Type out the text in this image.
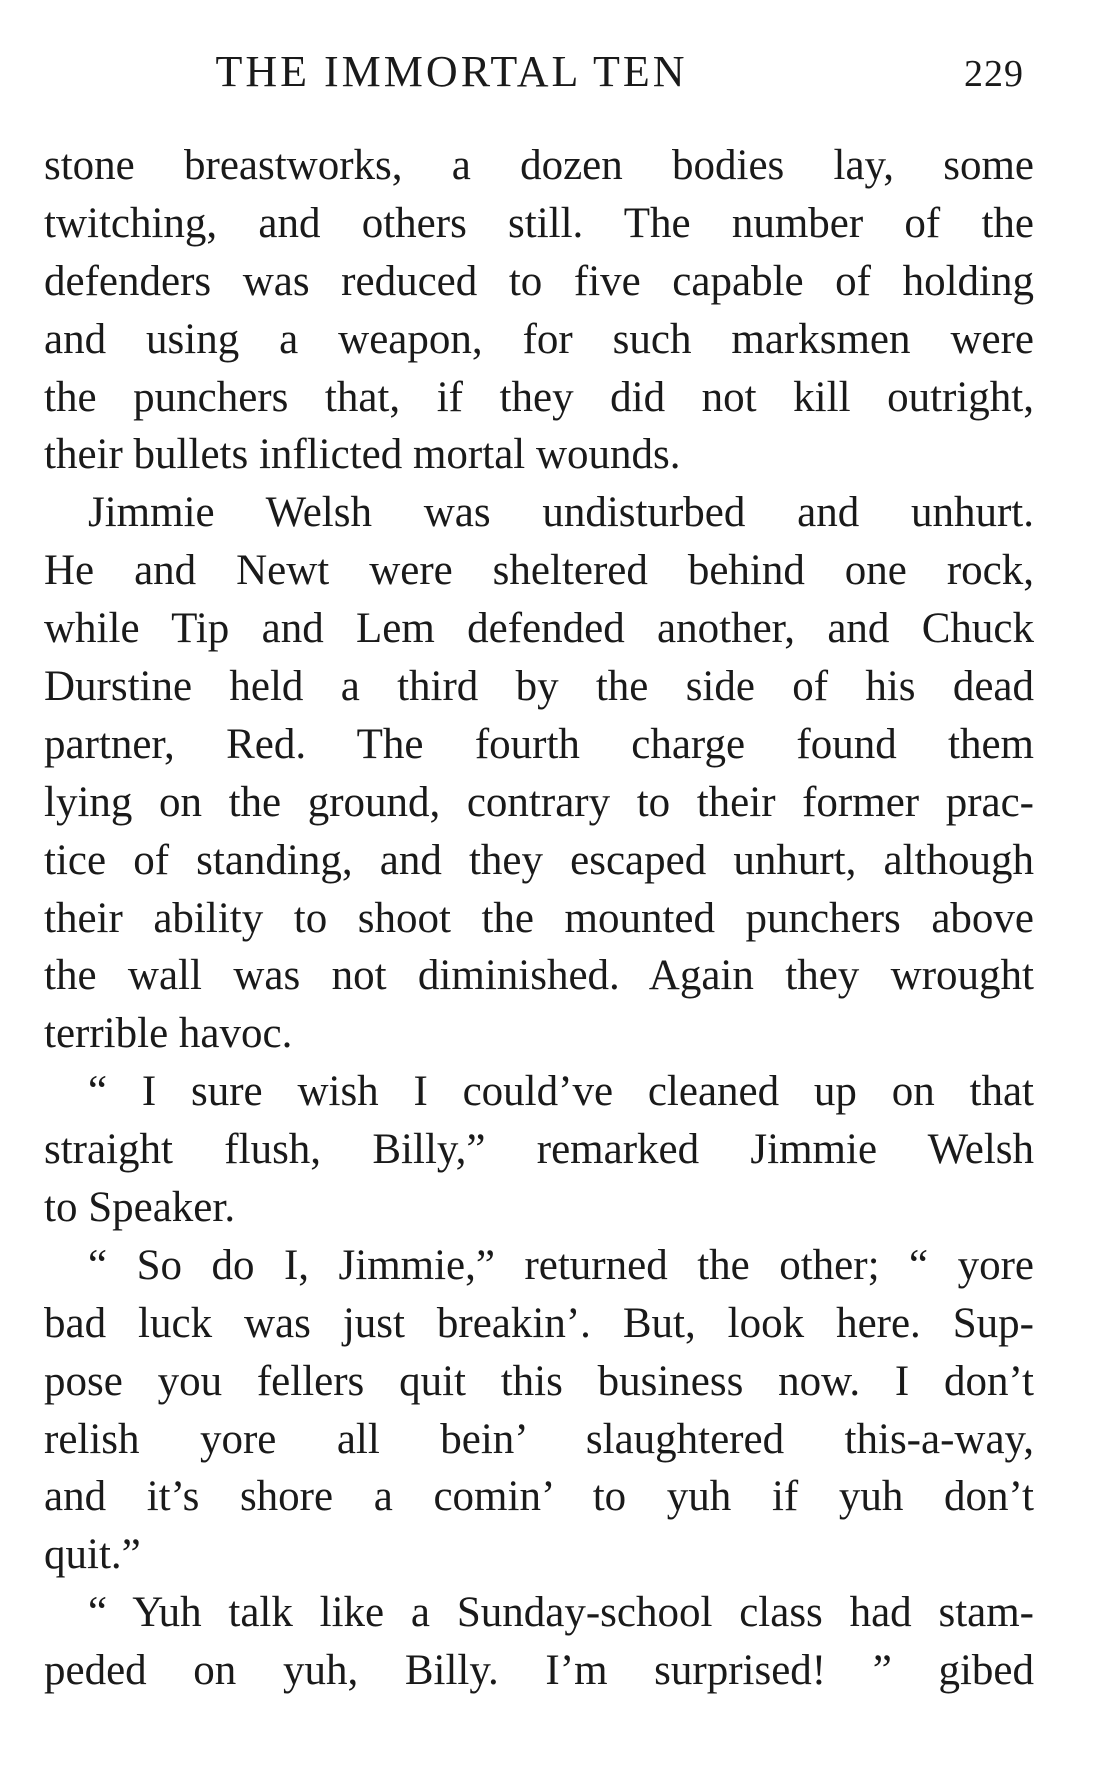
THE IMMORTAL TEN	229
stone breastworks, a dozen bodies lay, some
twitching, and others still. The number of the
defenders was reduced to five capable of holding
and using a weapon, for such marksmen were
the punchers that, if they did not kill outright,
their bullets inflicted mortal wounds.
Jimmie Welsh was undisturbed and unhurt.
He and Newt were sheltered behind one rock,
while Tip and Lem defended another, and Chuck
Durstine held a third by the side of his dead
partner, Red. The fourth charge found them
lying on the ground, contrary to their former prac-
tice of standing, and they escaped unhurt, although
their ability to shoot the mounted punchers above
the wall was not diminished. Again they wrought
terrible havoc.
“ I sure wish I could’ve cleaned up on that
straight flush, Billy,” remarked Jimmie Welsh
to Speaker.
“ So do I, Jimmie,” returned the other; “ yore
bad luck was just breakin’. But, look here. Sup-
pose you fellers quit this business now. I don’t
relish yore all bein’ slaughtered this-a-way,
and it’s shore a comin’ to yuh if yuh don’t
quit.”
“ Yuh talk like a Sunday-school class had stam-
peded on yuh, Billy. I’m surprised! ” gibed
